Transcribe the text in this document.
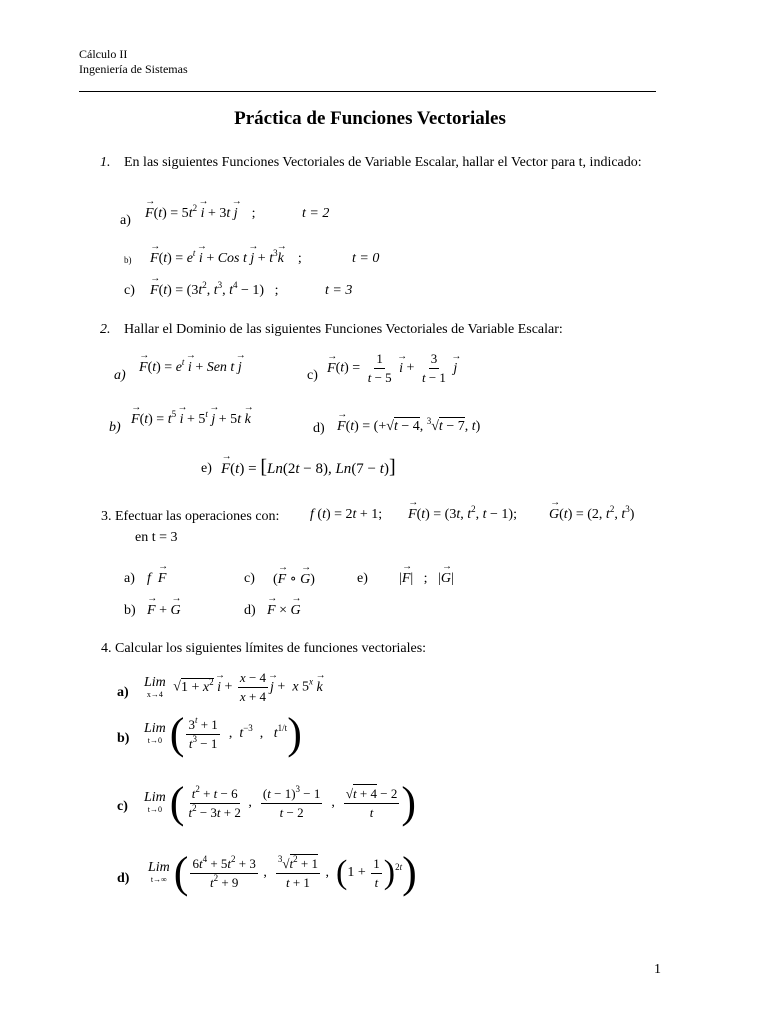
Cálculo II
Ingeniería de Sistemas
Práctica de Funciones Vectoriales
1. En las siguientes Funciones Vectoriales de Variable Escalar, hallar el Vector para t, indicado:
a)
→ $F(t) = 5t^2 \to i + 3t \to j$    ;	t = 2
b)
→ $F(t) = e^t \to i$ + Cos $t \to j + t^3\to k$    ;	t = 0
c)
→ $F(t) = (3t^2$, $t^3$, $t^4 - 1$)   ;	t = 3
2. Hallar el Dominio de las siguientes Funciones Vectoriales de Variable Escalar:
a)
→ $F(t) = e^t \to i$ + Sen t → j
c)
→ $F(t) = \frac{1}{t - 5}$
→ $i + \frac{3}{t - 1}$
→ j
b)
→ $F(t) = t^5 \to i + 5^t \to j + 5t \to k$
d)
→ F(t) = (+√t − 4, $^3$√t − 7, t)
e)
→ F(t) = [Ln(2t − 8), Ln(7 − t)]
3. Efectuar las operaciones con: f (t) = 2t + 1;
→ F(t) = (3t, $t^2$, t − 1);
→ G(t) = (2, $t^2$, $t^3$)
en t = 3
a) f  → F	c) (→ F ∘ → G)	e) |→ F|   ;   |→ G|
b)
→ F + → G	d)
→ F × → G
4. Calcular los siguientes límites de funciones vectoriales:
a)
Lim
x→4 $√1 + x^2 \to i + \frac{x - 4}{x + 4}$
→ j +  x $5^x \to k$
b)
Lim
t→0 ( $\frac{3^t + 1}{t^3 - 1}$ ,  $t^{-3}$  ,   $t^{1/t}$)
c)
Lim
t→0 ( $\frac{t^2 + t - 6}{t^2 - 3t + 2}$ , $\frac{(t - 1)^3 - 1}{t - 2}$ , $\frac{√t + 4 - 2}{t}$ )
d)
Lim
t→∞ ( $\frac{6t^4 + 5t^2 + 3}{t^2 + 9}$ , $\frac{^3√t^2 + 1}{t + 1}$ ,  $(1 + \frac{1}{t} )^{2t}$)
1
